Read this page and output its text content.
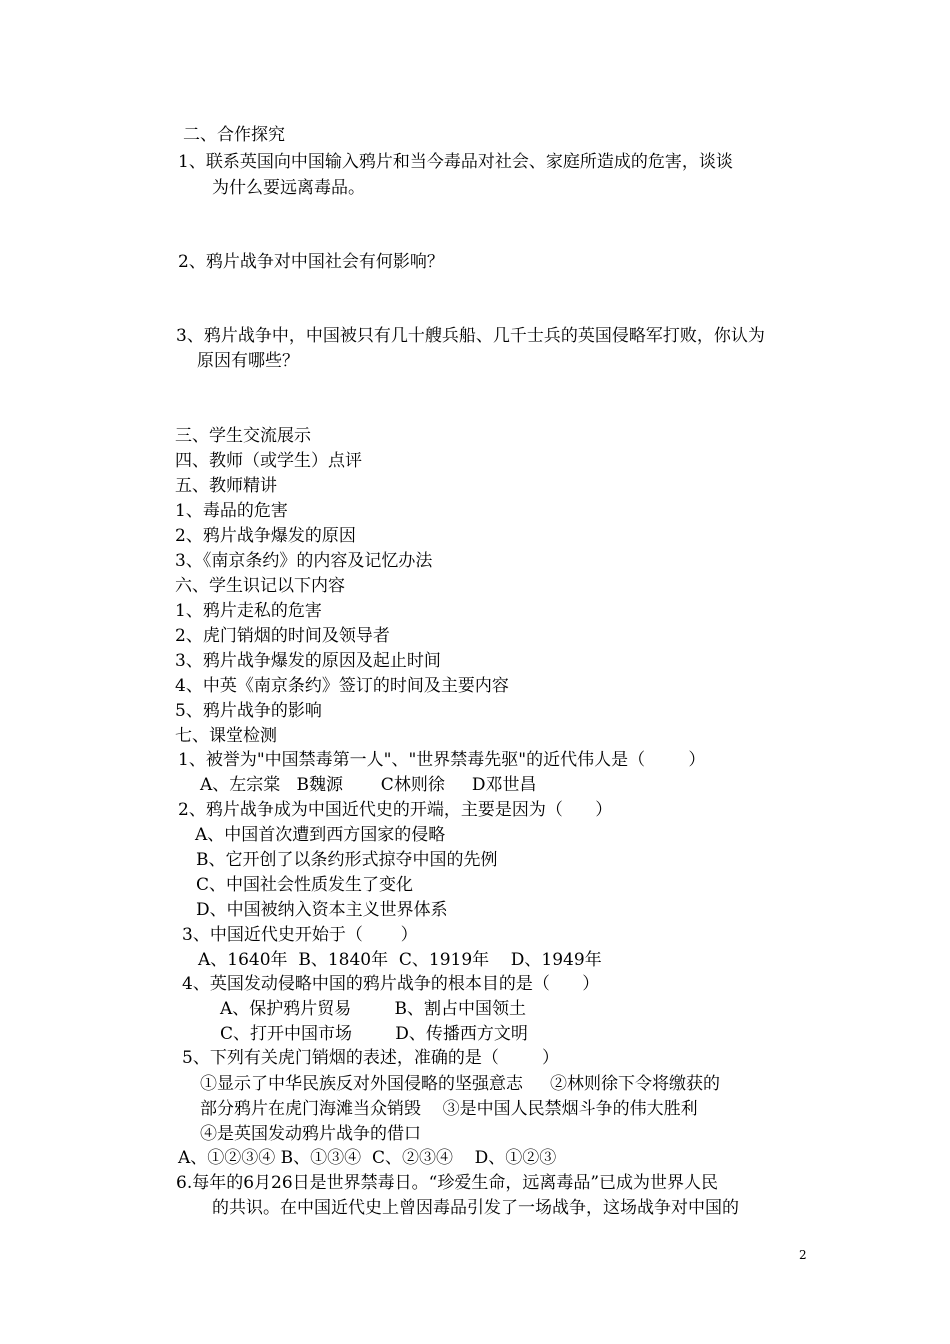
二、合作探究
1、联系英国向中国输入鸦片和当今毒品对社会、家庭所造成的危害，谈谈
为什么要远离毒品。
2、鸦片战争对中国社会有何影响？
3、鸦片战争中，中国被只有几十艘兵船、几千士兵的英国侵略军打败，你认为
原因有哪些？
三、学生交流展示
四、教师（或学生）点评
五、教师精讲
1、毒品的危害
2、鸦片战争爆发的原因
3、《南京条约》的内容及记忆办法
六、学生识记以下内容
1、鸦片走私的危害
2、虎门销烟的时间及领导者
3、鸦片战争爆发的原因及起止时间
4、中英《南京条约》签订的时间及主要内容
5、鸦片战争的影响
七、课堂检测
1、被誉为"中国禁毒第一人"、"世界禁毒先驱"的近代伟人是（        ）
A、左宗棠   B魏源       C林则徐     D邓世昌
2、鸦片战争成为中国近代史的开端，主要是因为（      ）
A、中国首次遭到西方国家的侵略
B、它开创了以条约形式掠夺中国的先例
C、中国社会性质发生了变化
D、中国被纳入资本主义世界体系
3、中国近代史开始于（       ）
A、1640年  B、1840年  C、1919年    D、1949年
4、英国发动侵略中国的鸦片战争的根本目的是（      ）
A、保护鸦片贸易        B、割占中国领土
C、打开中国市场        D、传播西方文明
5、下列有关虎门销烟的表述，准确的是（        ）
①显示了中华民族反对外国侵略的坚强意志     ②林则徐下令将缴获的
部分鸦片在虎门海滩当众销毁    ③是中国人民禁烟斗争的伟大胜利
④是英国发动鸦片战争的借口
A、①②③④ B、①③④  C、②③④    D、①②③
6.每年的6月26日是世界禁毒日。“珍爱生命，远离毒品”已成为世界人民
的共识。在中国近代史上曾因毒品引发了一场战争，这场战争对中国的
2
